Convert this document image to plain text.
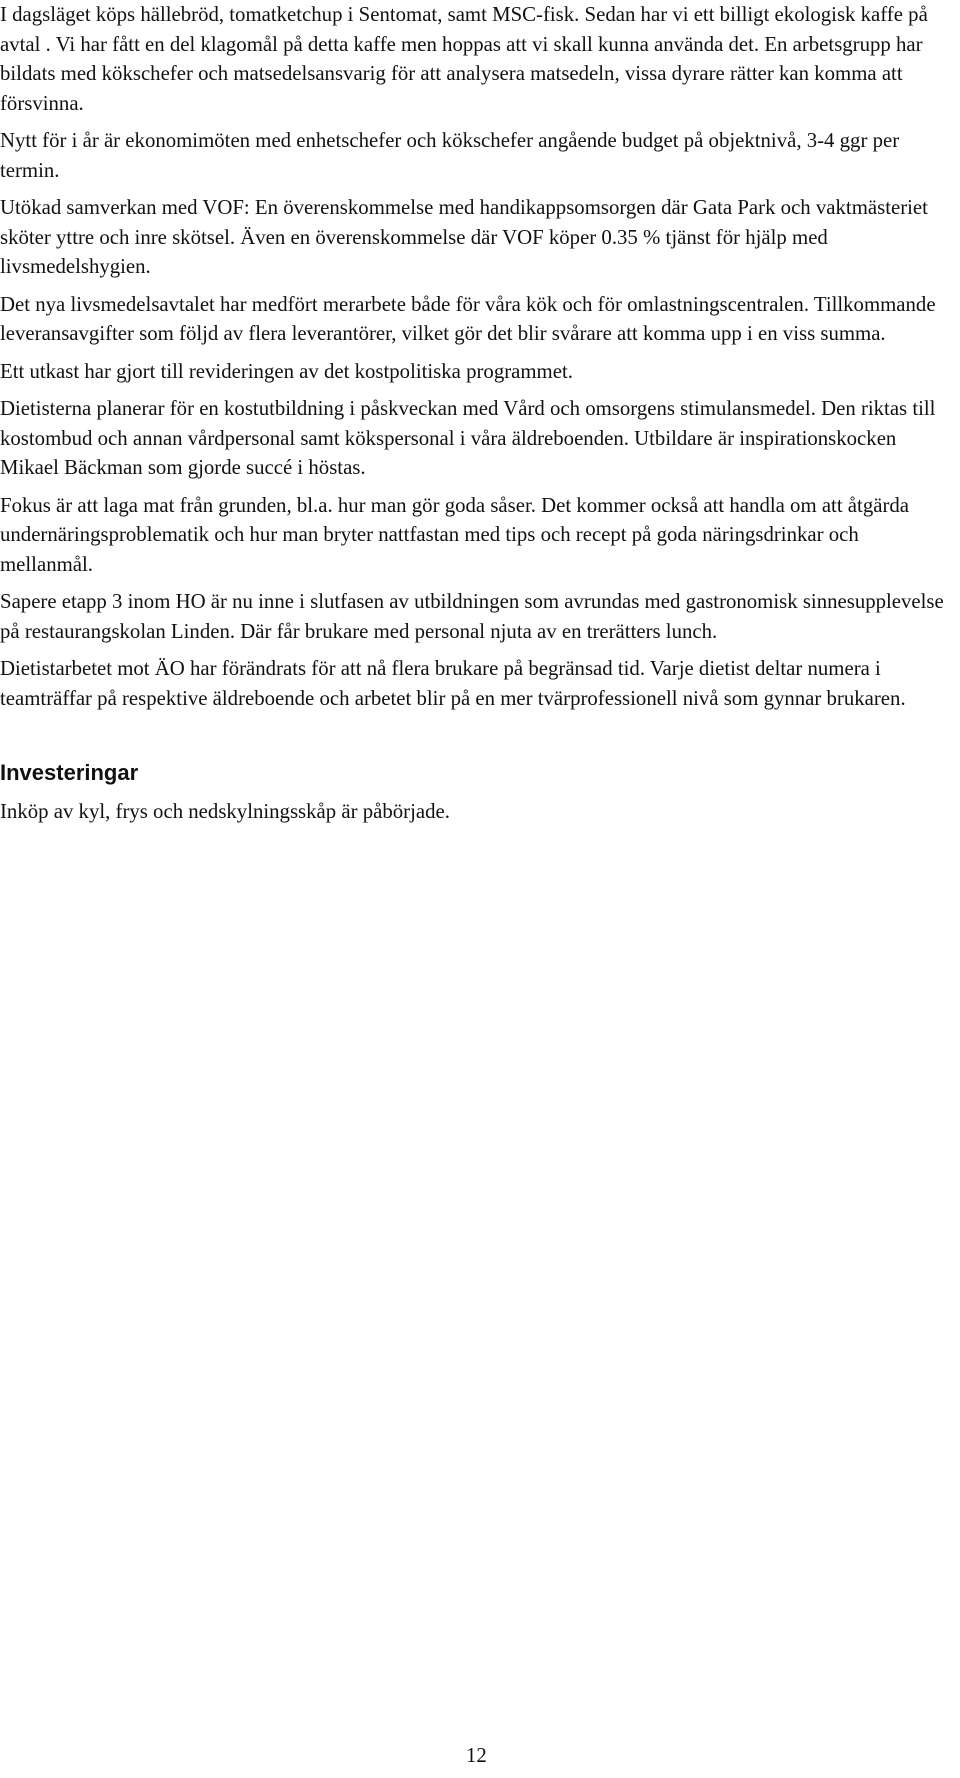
I dagsläget köps hällebröd, tomatketchup i Sentomat, samt MSC-fisk. Sedan har vi ett billigt ekologisk kaffe på avtal . Vi har fått en del klagomål på detta kaffe men hoppas att vi skall kunna använda det. En arbetsgrupp har bildats med kökschefer och matsedelsansvarig för att analysera matsedeln, vissa dyrare rätter kan komma att försvinna.

Nytt för i år är ekonomimöten med enhetschefer och kökschefer angående budget på objektnivå, 3-4 ggr per termin.

Utökad samverkan med VOF: En överenskommelse med handikappsomsorgen där Gata Park och vaktmästeriet sköter yttre och inre skötsel. Även en överenskommelse där VOF köper 0.35 % tjänst för hjälp med livsmedelshygien.

Det nya livsmedelsavtalet har medfört merarbete både för våra kök och för omlastningscentralen. Tillkommande leveransavgifter som följd av flera leverantörer, vilket gör det blir svårare att komma upp i en viss summa.

Ett utkast har gjort till revideringen av det kostpolitiska programmet.

Dietisterna planerar för en kostutbildning i påskveckan med Vård och omsorgens stimulansmedel. Den riktas till kostombud och annan vårdpersonal samt kökspersonal i våra äldreboenden. Utbildare är inspirationskocken Mikael Bäckman som gjorde succé i höstas.

Fokus är att laga mat från grunden, bl.a. hur man gör goda såser. Det kommer också att handla om att åtgärda undernäringsproblematik och hur man bryter nattfastan med tips och recept på goda näringsdrinkar och mellanmål.

Sapere etapp 3 inom HO är nu inne i slutfasen av utbildningen som avrundas med gastronomisk sinnesupplevelse på restaurangskolan Linden. Där får brukare med personal njuta av en trerätters lunch.

Dietistarbetet mot ÄO har förändrats för att nå flera brukare på begränsad tid. Varje dietist deltar numera i teamträffar på respektive äldreboende och arbetet blir på en mer tvärprofessionell nivå som gynnar brukaren.

Investeringar

Inköp av kyl, frys och nedskylningsskåp är påbörjade.

12
